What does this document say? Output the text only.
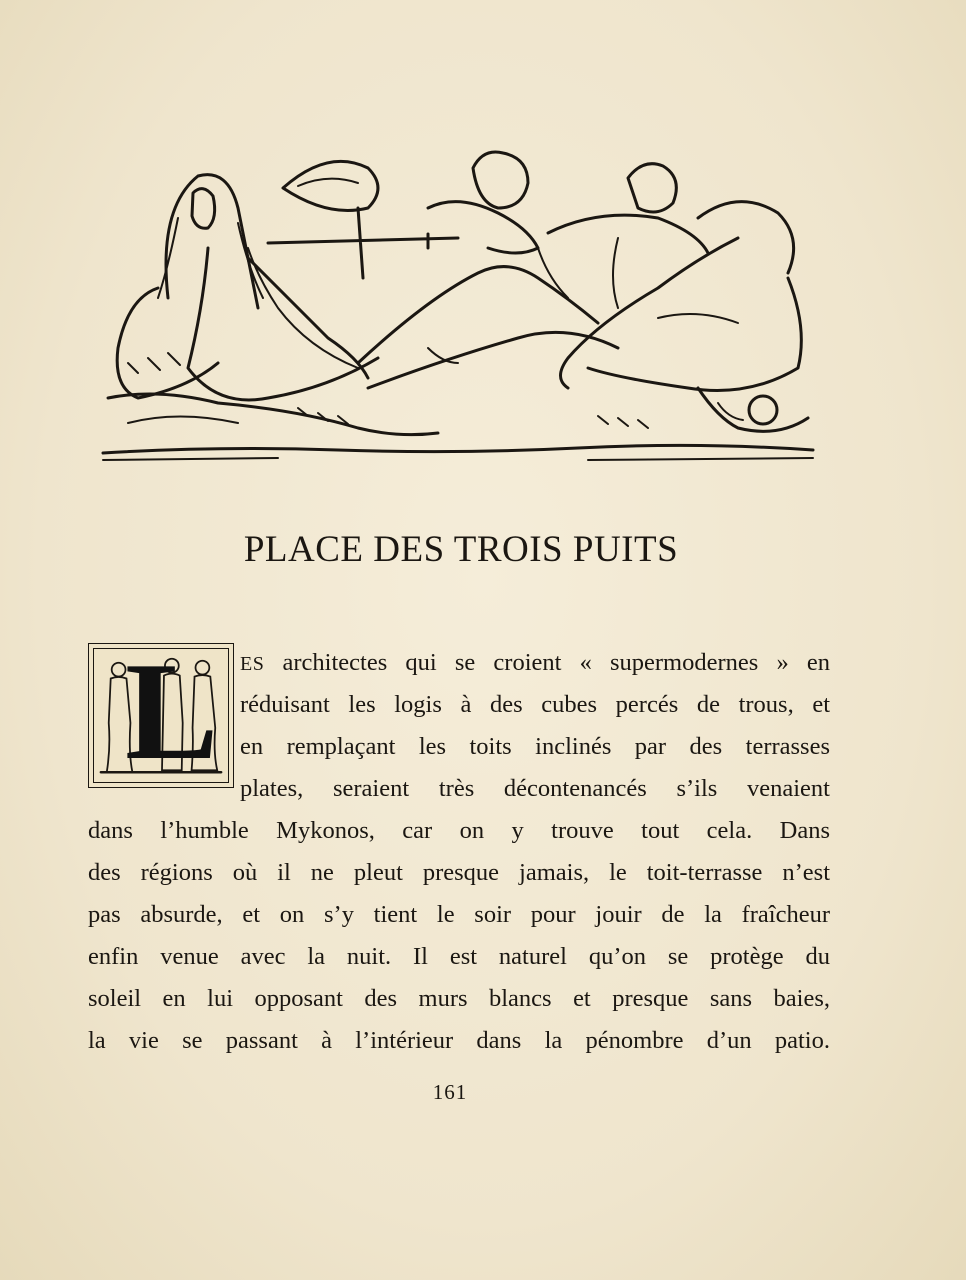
PLACE DES TROIS PUITS
L ES architectes qui se croient « supermodernes » en
réduisant les logis à des cubes percés de trous, et
en remplaçant les toits inclinés par des terrasses
plates, seraient très décontenancés s’ils venaient
dans l’humble Mykonos, car on y trouve tout cela. Dans
des régions où il ne pleut presque jamais, le toit-terrasse n’est
pas absurde, et on s’y tient le soir pour jouir de la fraîcheur
enfin venue avec la nuit. Il est naturel qu’on se protège du
soleil en lui opposant des murs blancs et presque sans baies,
la vie se passant à l’intérieur dans la pénombre d’un patio.
161
